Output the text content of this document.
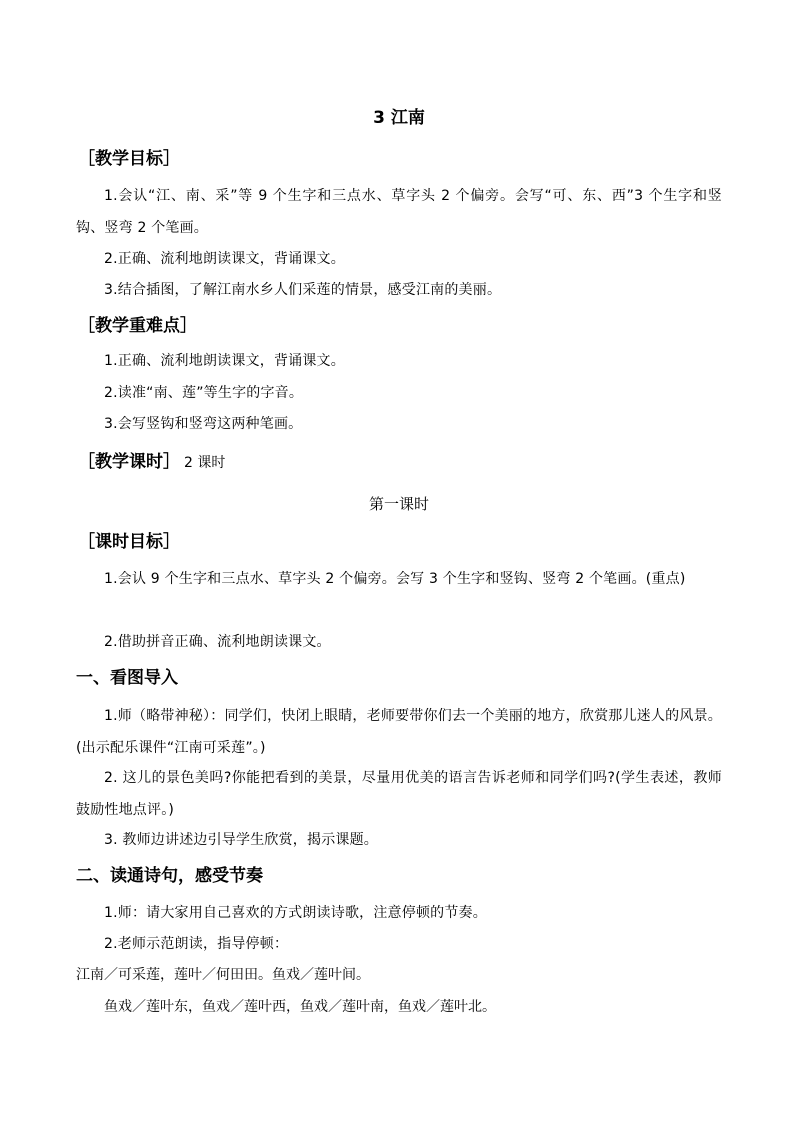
3 江南
［教学目标］
1.会认“江、南、采”等 9 个生字和三点水、草字头 2 个偏旁。会写“可、东、西”3 个生字和竖钩、竖弯 2 个笔画。
2.正确、流利地朗读课文，背诵课文。
3.结合插图，了解江南水乡人们采莲的情景，感受江南的美丽。
［教学重难点］
1.正确、流利地朗读课文，背诵课文。
2.读准“南、莲”等生字的字音。
3.会写竖钩和竖弯这两种笔画。
［教学课时］ 2 课时
第一课时
［课时目标］
1.会认 9 个生字和三点水、草字头 2 个偏旁。会写 3 个生字和竖钩、竖弯 2 个笔画。(重点)
2.借助拼音正确、流利地朗读课文。
一、看图导入
1.师（略带神秘）：同学们，快闭上眼睛，老师要带你们去一个美丽的地方，欣赏那儿迷人的风景。(出示配乐课件“江南可采莲”。)
2. 这儿的景色美吗?你能把看到的美景，尽量用优美的语言告诉老师和同学们吗?(学生表述，教师鼓励性地点评。)
3. 教师边讲述边引导学生欣赏，揭示课题。
二、读通诗句，感受节奏
1.师：请大家用自己喜欢的方式朗读诗歌，注意停顿的节奏。
2.老师示范朗读，指导停顿：
江南／可采莲，莲叶／何田田。鱼戏／莲叶间。
鱼戏／莲叶东，鱼戏／莲叶西，鱼戏／莲叶南，鱼戏／莲叶北。
